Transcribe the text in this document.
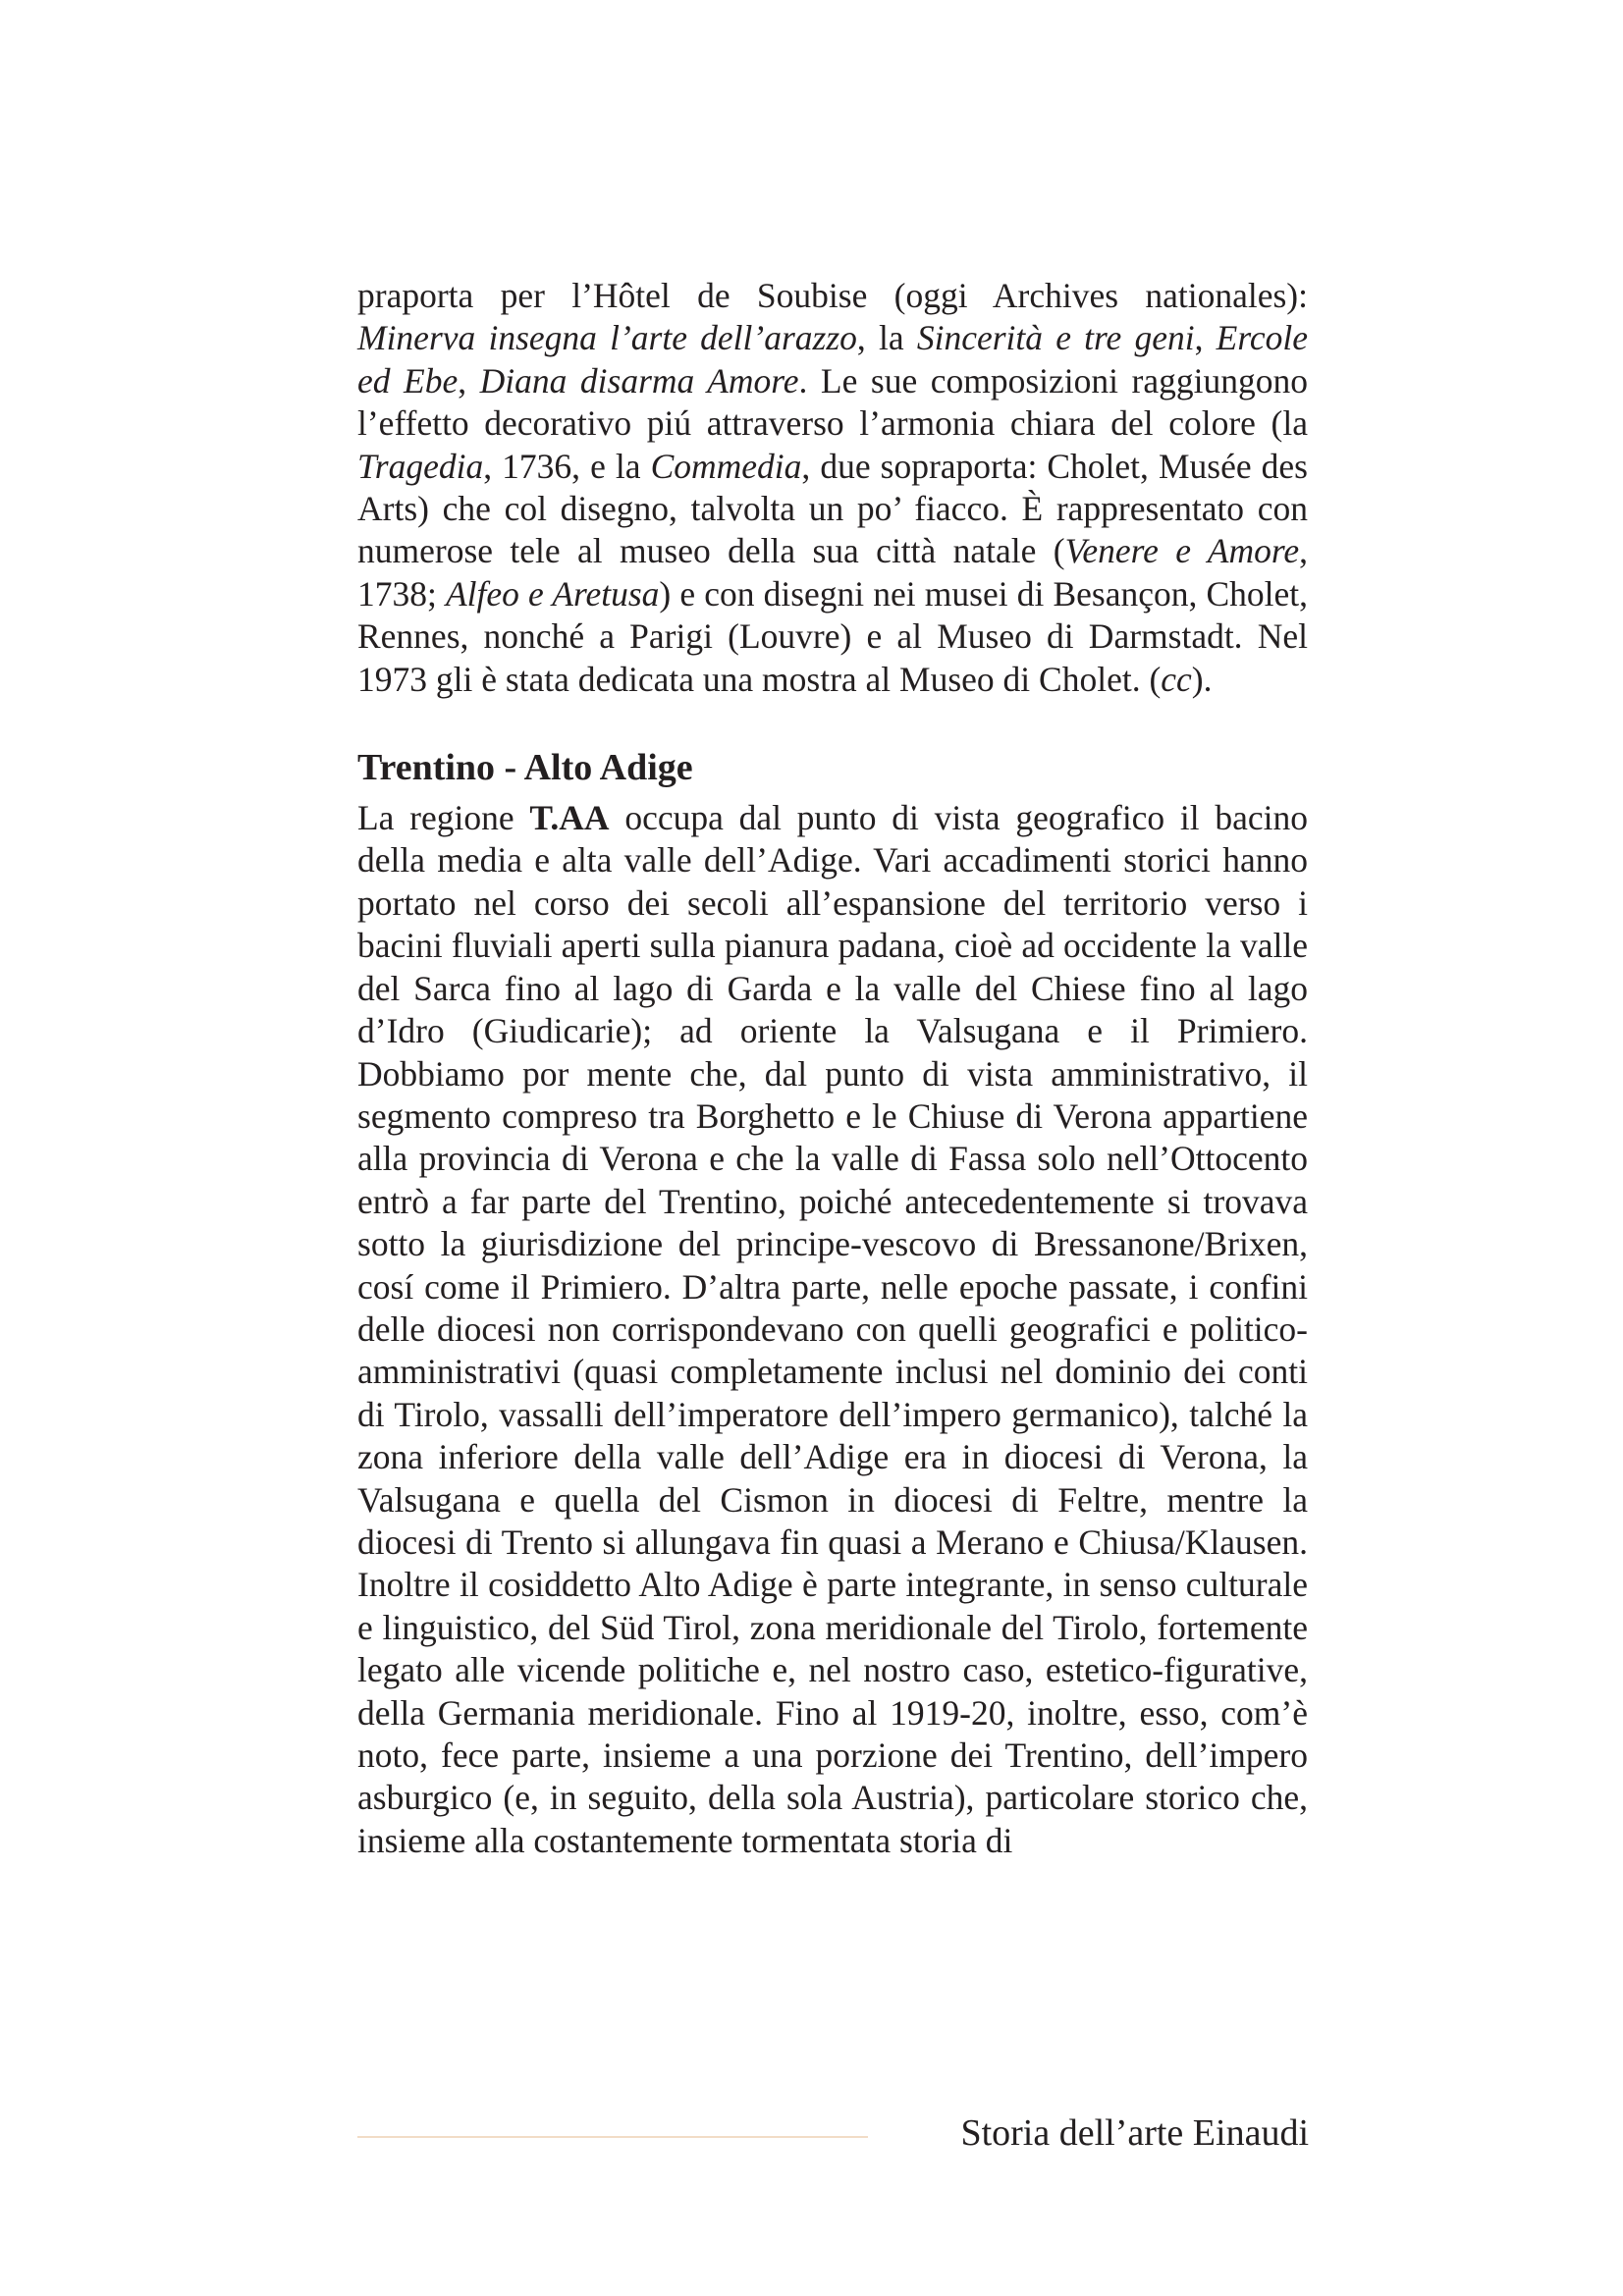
praporta per l’Hôtel de Soubise (oggi Archives nationales): Minerva insegna l’arte dell’arazzo, la Sincerità e tre geni, Ercole ed Ebe, Diana disarma Amore. Le sue composizioni raggiungono l’effetto decorativo piú attraverso l’armonia chiara del colore (la Tragedia, 1736, e la Commedia, due sopraporta: Cholet, Musée des Arts) che col disegno, talvolta un po’ fiacco. È rappresentato con numerose tele al museo della sua città natale (Venere e Amore, 1738; Alfeo e Aretusa) e con disegni nei musei di Besançon, Cholet, Rennes, nonché a Parigi (Louvre) e al Museo di Darmstadt. Nel 1973 gli è stata dedicata una mostra al Museo di Cholet. (cc).

Trentino - Alto Adige

La regione T.AA occupa dal punto di vista geografico il bacino della media e alta valle dell’Adige. Vari accadimenti storici hanno portato nel corso dei secoli all’espansione del territorio verso i bacini fluviali aperti sulla pianura padana, cioè ad occidente la valle del Sarca fino al lago di Garda e la valle del Chiese fino al lago d’Idro (Giudicarie); ad oriente la Valsugana e il Primiero. Dobbiamo por mente che, dal punto di vista amministrativo, il segmento compreso tra Borghetto e le Chiuse di Verona appartiene alla provincia di Verona e che la valle di Fassa solo nell’Ottocento entrò a far parte del Trentino, poiché antecedentemente si trovava sotto la giurisdizione del principe-vescovo di Bressanone/Brixen, cosí come il Primiero. D’altra parte, nelle epoche passate, i confini delle diocesi non corrispondevano con quelli geografici e politico-amministrativi (quasi completamente inclusi nel dominio dei conti di Tirolo, vassalli dell’imperatore dell’impero germanico), talché la zona inferiore della valle dell’Adige era in diocesi di Verona, la Valsugana e quella del Cismon in diocesi di Feltre, mentre la diocesi di Trento si allungava fin quasi a Merano e Chiusa/Klausen. Inoltre il cosiddetto Alto Adige è parte integrante, in senso culturale e linguistico, del Süd Tirol, zona meridionale del Tirolo, fortemente legato alle vicende politiche e, nel nostro caso, estetico-figurative, della Germania meridionale. Fino al 1919-20, inoltre, esso, com’è noto, fece parte, insieme a una porzione dei Trentino, dell’impero asburgico (e, in seguito, della sola Austria), particolare storico che, insieme alla costantemente tormentata storia di

Storia dell’arte Einaudi
